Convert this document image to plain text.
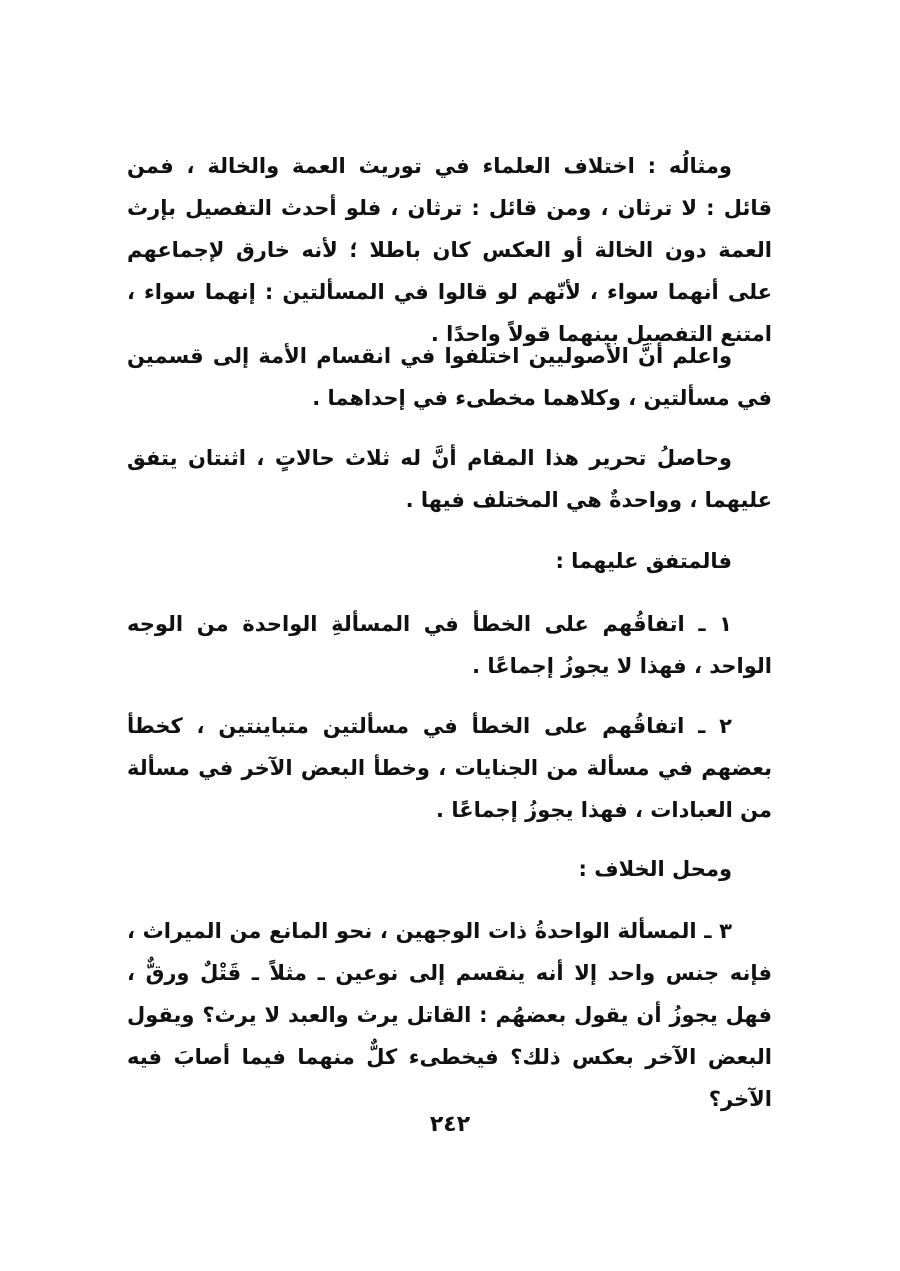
ومثالُه : اختلاف العلماء في توريث العمة والخالة ، فمن قائل : لا ترثان ، ومن قائل : ترثان ، فلو أحدث التفصيل بإرث العمة دون الخالة أو العكس كان باطلا ؛ لأنه خارق لإجماعهم على أنهما سواء ، لأنّهم لو قالوا في المسألتين : إنهما سواء ، امتنع التفصيل بينهما قولاً واحدًا .

واعلم أنَّ الأصوليين اختلفوا في انقسام الأمة إلى قسمين في مسألتين ، وكلاهما مخطىء في إحداهما .

وحاصلُ تحرير هذا المقام أنَّ له ثلاث حالاتٍ ، اثنتان يتفق عليهما ، وواحدةٌ هي المختلف فيها .

فالمتفق عليهما :

١ ـ اتفاقُهم على الخطأ في المسألةِ الواحدة من الوجه الواحد ، فهذا لا يجوزُ إجماعًا .

٢ ـ اتفاقُهم على الخطأ في مسألتين متباينتين ، كخطأ بعضهم في مسألة من الجنايات ، وخطأ البعض الآخر في مسألة من العبادات ، فهذا يجوزُ إجماعًا .

ومحل الخلاف :

٣ ـ المسألة الواحدةُ ذات الوجهين ، نحو المانع من الميراث ، فإنه جنس واحد إلا أنه ينقسم إلى نوعين ـ مثلاً ـ قَتْلٌ ورقٌّ ، فهل يجوزُ أن يقول بعضهُم : القاتل يرث والعبد لا يرث؟ ويقول البعض الآخر بعكس ذلك؟ فيخطىء كلٌّ منهما فيما أصابَ فيه الآخر؟

٢٤٢
